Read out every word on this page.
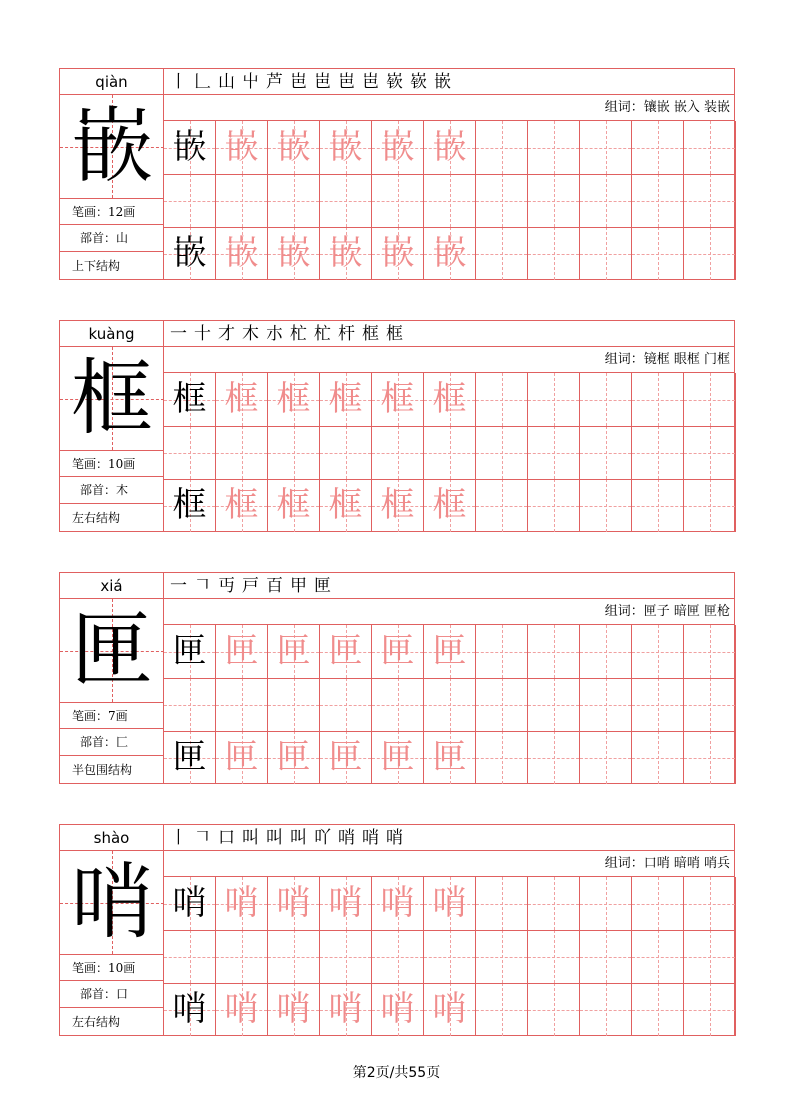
qiàn
嵌
笔画：12画
部首：山
上下结构
丨 𠃊 山 屮 芦 岜 岜 岜 岜 嵚 嵚 嵌
组词：镶嵌 嵌入 装嵌
嵌 嵌 嵌 嵌 嵌 嵌
嵌 嵌 嵌 嵌 嵌 嵌
kuàng
框
笔画：10画
部首：木
左右结构
一 十 才 木 朩 杧 杧 杆 框 框
组词：镜框 眼框 门框
框 框 框 框 框 框
框 框 框 框 框 框
xiá
匣
笔画：7画
部首：匚
半包围结构
一 𠃍 丏 戸 百 甲 匣
组词：匣子 暗匣 匣枪
匣 匣 匣 匣 匣 匣
匣 匣 匣 匣 匣 匣
shào
哨
笔画：10画
部首：口
左右结构
丨 𠃍 口 叫 叫 叫 吖 哨 哨 哨
组词：口哨 暗哨 哨兵
哨 哨 哨 哨 哨 哨
哨 哨 哨 哨 哨 哨
第2页/共55页
